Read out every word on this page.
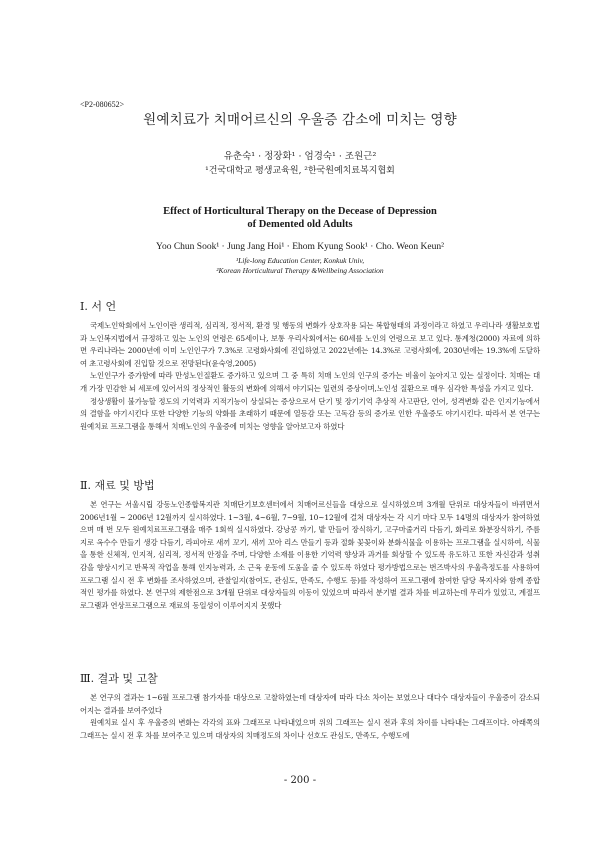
<P2-080652>
원예치료가 치매어르신의 우울증 감소에 미치는 영향
유춘숙¹ · 정장화¹ · 엄경숙¹ · 조원근²
¹건국대학교 평생교육원, ²한국원예치료복지협회
Effect of Horticultural Therapy on the Decease of Depression
of Demented old Adults
Yoo Chun Sook¹ · Jung Jang Hoi¹ · Ehom Kyung Sook¹ · Cho. Weon Keun²
¹Life-long Education Center, Konkuk Univ,
²Korean Horticultural Therapy &Wellbeing Association
Ⅰ. 서 언

국제노인학회에서 노인이란 생리적, 심리적, 정서적, 환경 및 행동의 변화가 상호작용 되는 복합형태의 과정이라고 하였고 우리나라 생활보호법과 노인복지법에서 규정하고 있는 노인의 연령은 65세이나, 보통 우리사회에서는 60세를 노인의 연령으로 보고 있다. 통계청(2000) 자료에 의하면 우리나라는 2000년에 이미 노인인구가 7.3%로 고령화사회에 진입하였고 2022년에는 14.3%로 고령사회에, 2030년에는 19.3%에 도달하여 초고령사회에 진입할 것으로 전망된다(윤숙영,2005)

노인인구가 증가함에 따라 만성노인질환도 증가하고 있으며 그 중 특히 치매 노인의 인구의 증가는 비율이 높아지고 있는 실정이다. 치매는 대개 가장 민감한 뇌 세포에 있어서의 정상적인 활동의 변화에 의해서 야기되는 일련의 증상이며,노인성 질환으로 매우 심각한 특성을 가지고 있다.

정상생활이 불가능할 정도의 기억력과 지적기능이 상실되는 증상으로서 단기 및 장기기억 추상적 사고판단, 언어, 성격변화 같은 인지기능에서의 결함을 야기시킨다 또한 다양한 기능의 약화를 초래하기 때문에 열등감 또는 고독감 등의 증가로 인한 우울증도 야기시킨다. 따라서 본 연구는 원예치료 프로그램을 통해서 치매노인의 우울증에 미치는 영향을 알아보고자 하였다

Ⅱ. 재료 및 방법

본 연구는 서울시립 강동노인종합복지관 치매단기보호센터에서 치매어르신들을 대상으로 실시하였으며 3개월 단위로 대상자들이 바뀌면서 2006년1월 ~ 2006년 12월까지 실시하였다. 1~3월, 4~6월, 7~9월, 10~12월에 걸쳐 대상자는 각 시기 마다 모두 14명의 대상자가 참여하였으며 매 번 모두 원예치료프로그램을 매주 1회씩 실시하였다. 강낭콩 까기, 밭 만들어 장식하기, 고구마줄거리 다듬기, 화리로 화분장식하기, 주름지로 옥수수 만들기 생강 다듬기, 라피아로 새끼 꼬기, 새끼 꼬아 리스 만들기 등과 절화 꽃꽂이와 분화식물을 이용하는 프로그램을 실시하여, 식물을 통한 신체적, 인지적, 심리적, 정서적 안정을 주며, 다양한 소재를 이용한 기억력 향상과 과거를 회상할 수 있도록 유도하고 또한 자신감과 성취감을 향상시키고 반복적 작업을 통해 인지능력과, 소 근육 운동에 도움을 줄 수 있도록 하였다 평가방법으로는 번즈박사의 우울측정도를 사용하여 프로그램 실시 전 후 변화를 조사하였으며, 관찰일지(참여도, 관심도, 만족도, 수행도 등)를 작성하여 프로그램에 참여한 담당 복지사와 함께 종합적인 평가를 하였다. 본 연구의 제한점으로 3개월 단위로 대상자들의 이동이 있었으며 따라서 분기별 결과 차를 비교하는데 무리가 있었고, 계절프로그램과 연상프로그램으로 재료의 동일성이 이루어지지 못했다

Ⅲ. 결과 및 고찰

본 연구의 결과는 1~6월 프로그램 참가자를 대상으로 고찰하였는데 대상자에 따라 다소 차이는 보였으나 대다수 대상자들이 우울증이 감소되어지는 결과를 보여주었다

원예치료 실시 후 우울증의 변화는 각각의 표와 그래프로 나타내었으며 위의 그래프는 실시 전과 후의 차이를 나타내는 그래프이다. 아래쪽의 그래프는 실시 전 후 차를 보여주고 있으며 대상자의 치매정도의 차이나 선호도 관심도, 만족도, 수행도에

- 200 -
